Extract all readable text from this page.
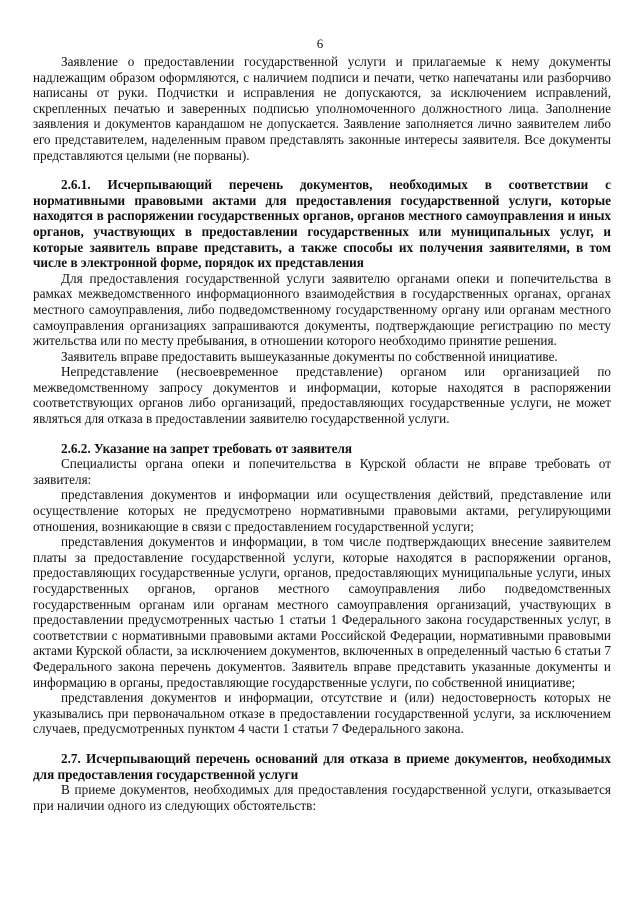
6

Заявление о предоставлении государственной услуги и прилагаемые к нему документы надлежащим образом оформляются, с наличием подписи и печати, четко напечатаны или разборчиво написаны от руки. Подчистки и исправления не допускаются, за исключением исправлений, скрепленных печатью и заверенных подписью уполномоченного должностного лица. Заполнение заявления и документов карандашом не допускается. Заявление заполняется лично заявителем либо его представителем, наделенным правом представлять законные интересы заявителя. Все документы представляются целыми (не порваны).

2.6.1. Исчерпывающий перечень документов, необходимых в соответствии с нормативными правовыми актами для предоставления государственной услуги, которые находятся в распоряжении государственных органов, органов местного самоуправления и иных органов, участвующих в предоставлении государственных или муниципальных услуг, и которые заявитель вправе представить, а также способы их получения заявителями, в том числе в электронной форме, порядок их представления

Для предоставления государственной услуги заявителю органами опеки и попечительства в рамках межведомственного информационного взаимодействия в государственных органах, органах местного самоуправления, либо подведомственному государственному органу или органам местного самоуправления организациях запрашиваются документы, подтверждающие регистрацию по месту жительства или по месту пребывания, в отношении которого необходимо принятие решения.

Заявитель вправе предоставить вышеуказанные документы по собственной инициативе.

Непредставление (несвоевременное представление) органом или организацией по межведомственному запросу документов и информации, которые находятся в распоряжении соответствующих органов либо организаций, предоставляющих государственные услуги, не может являться для отказа в предоставлении заявителю государственной услуги.

2.6.2. Указание на запрет требовать от заявителя

Специалисты органа опеки и попечительства в Курской области не вправе требовать от заявителя:

представления документов и информации или осуществления действий, представление или осуществление которых не предусмотрено нормативными правовыми актами, регулирующими отношения, возникающие в связи с предоставлением государственной услуги;

представления документов и информации, в том числе подтверждающих внесение заявителем платы за предоставление государственной услуги, которые находятся в распоряжении органов, предоставляющих государственные услуги, органов, предоставляющих муниципальные услуги, иных государственных органов, органов местного самоуправления либо подведомственных государственным органам или органам местного самоуправления организаций, участвующих в предоставлении предусмотренных частью 1 статьи 1 Федерального закона государственных услуг, в соответствии с нормативными правовыми актами Российской Федерации, нормативными правовыми актами Курской области, за исключением документов, включенных в определенный частью 6 статьи 7 Федерального закона перечень документов. Заявитель вправе представить указанные документы и информацию в органы, предоставляющие государственные услуги, по собственной инициативе;

представления документов и информации, отсутствие и (или) недостоверность которых не указывались при первоначальном отказе в предоставлении государственной услуги, за исключением случаев, предусмотренных пунктом 4 части 1 статьи 7 Федерального закона.

2.7. Исчерпывающий перечень оснований для отказа в приеме документов, необходимых для предоставления государственной услуги

В приеме документов, необходимых для предоставления государственной услуги, отказывается при наличии одного из следующих обстоятельств:
